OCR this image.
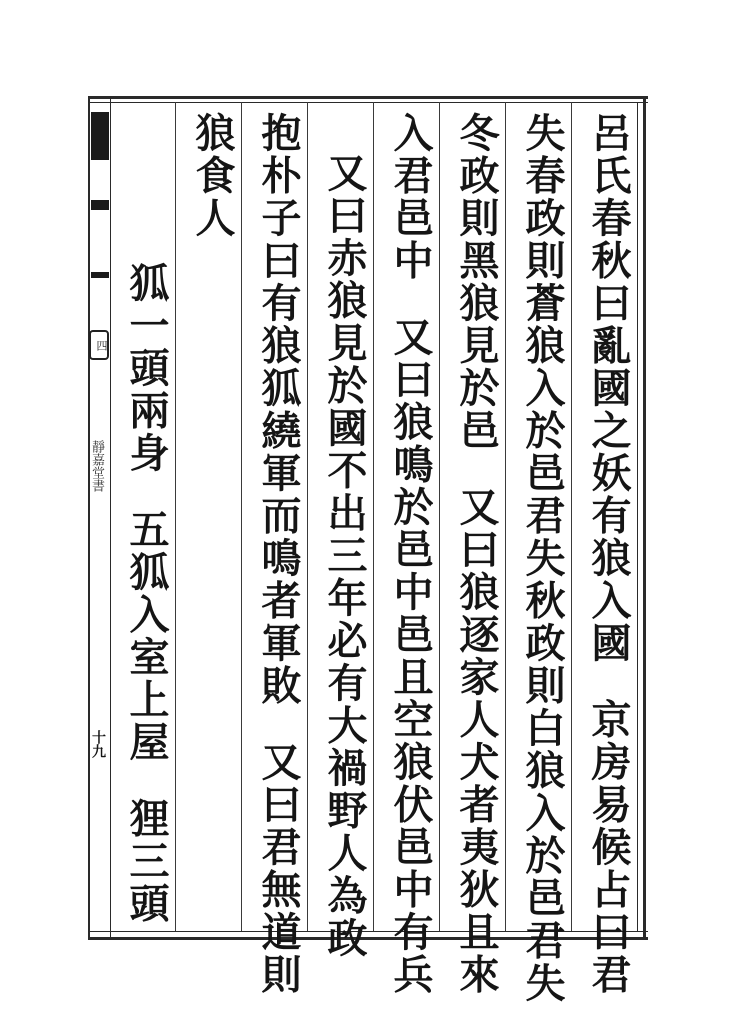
呂氏春秋曰亂國之妖有狼入國京房易候占曰君
失春政則蒼狼入於邑君失秋政則白狼入於邑君失
冬政則黑狼見於邑又曰狼逐家人犬者夷狄且來
入君邑中又曰狼鳴於邑中邑且空狼伏邑中有兵
又曰赤狼見於國不出三年必有大禍野人為政
抱朴子曰有狼狐繞軍而鳴者軍敗又曰君無道則
狼食人
狐一頭兩身五狐入室上屋狸三頭
四
靜嘉堂書
十九
